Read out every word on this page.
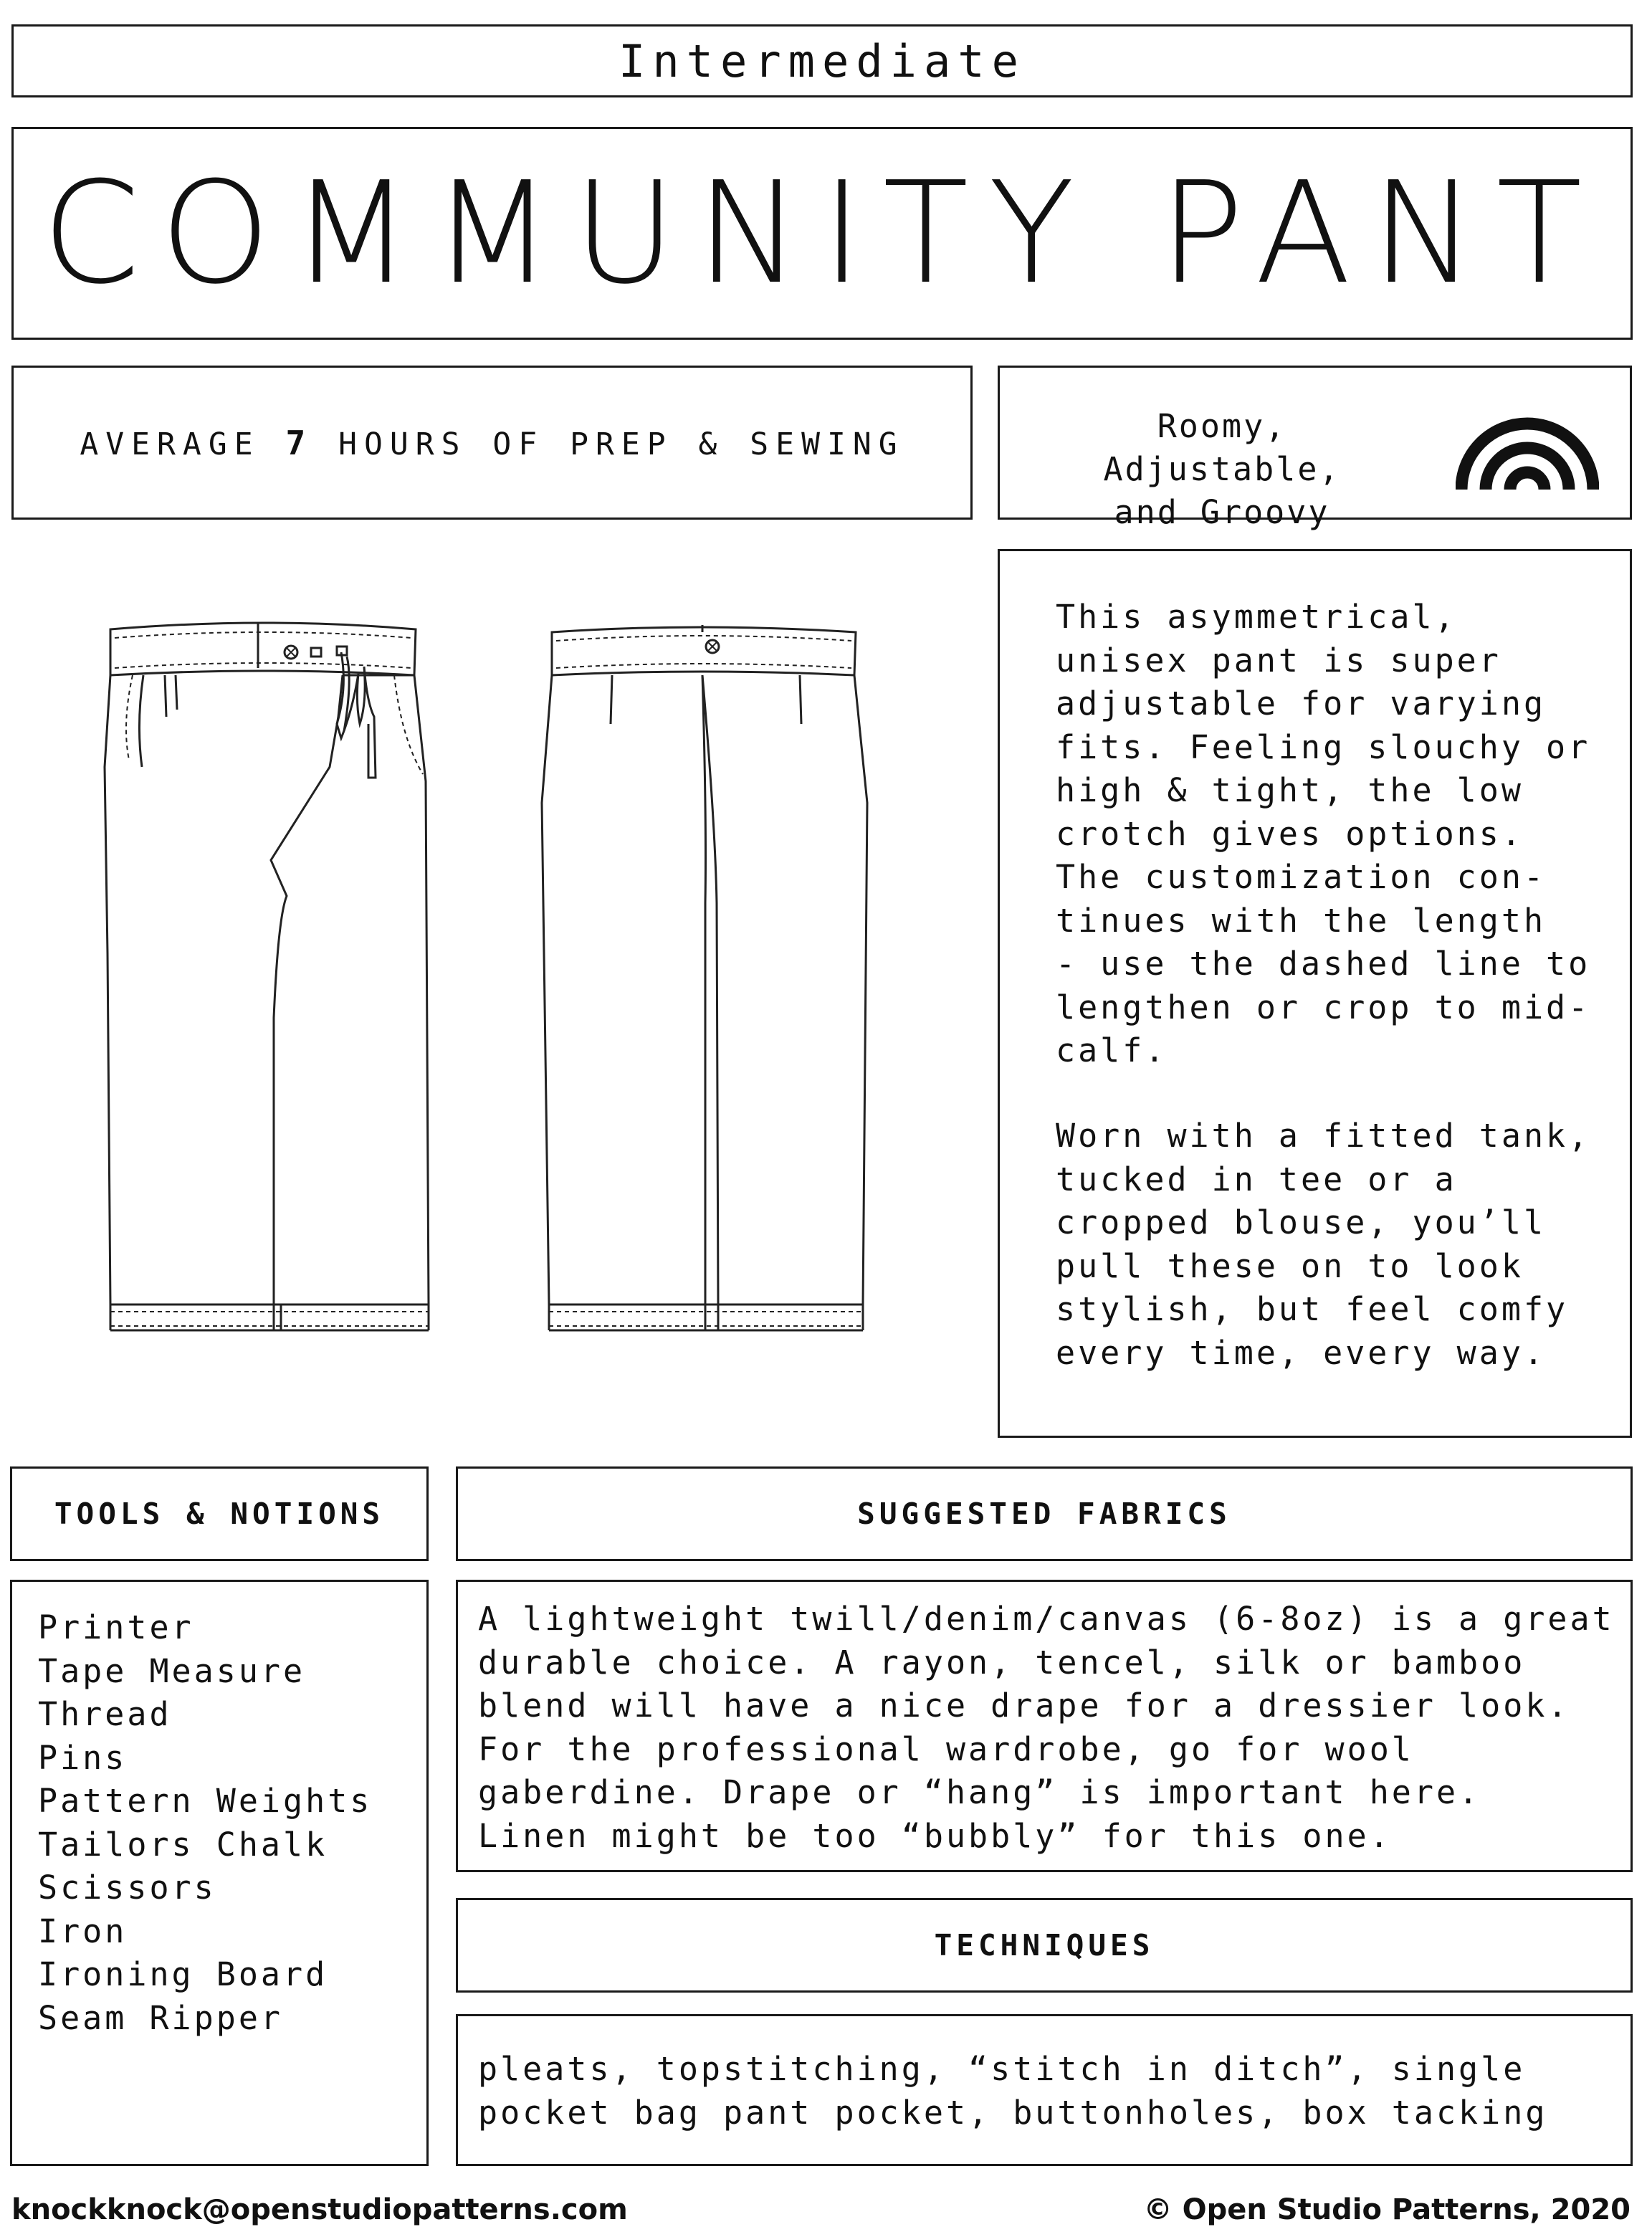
Intermediate
COMMUNITY PANT
AVERAGE 7 HOURS OF PREP & SEWING	Roomy, Adjustable,
and Groovy
This asymmetrical,
unisex pant is super
adjustable for varying
fits. Feeling slouchy or
high & tight, the low
crotch gives options.
The customization con-
tinues with the length
- use the dashed line to
lengthen or crop to mid-
calf.
Worn with a fitted tank,
tucked in tee or a
cropped blouse, you’ll
pull these on to look
stylish, but feel comfy
every time, every way.
TOOLS & NOTIONS
Printer
Tape Measure
Thread
Pins
Pattern Weights
Tailors Chalk
Scissors
Iron
Ironing Board
Seam Ripper
SUGGESTED FABRICS
A lightweight twill/denim/canvas (6-8oz) is a great
durable choice. A rayon, tencel, silk or bamboo
blend will have a nice drape for a dressier look.
For the professional wardrobe, go for wool
gaberdine. Drape or “hang” is important here.
Linen might be too “bubbly” for this one.
TECHNIQUES
pleats, topstitching, “stitch in ditch”, single
pocket bag pant pocket, buttonholes, box tacking
knockknock@openstudiopatterns.com	© Open Studio Patterns, 2020
